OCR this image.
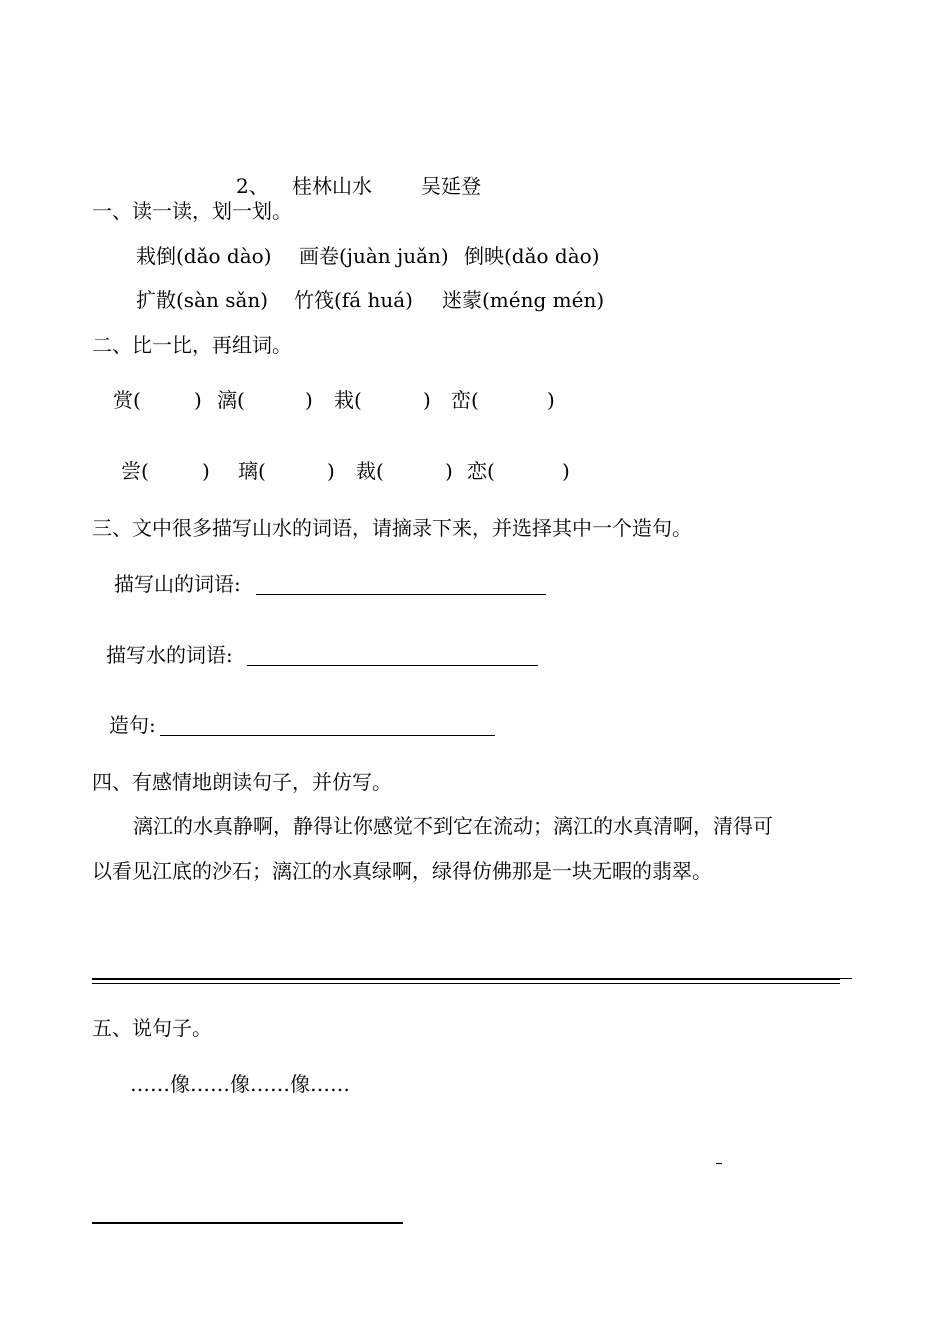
2、 桂林山水 吴延登
一、读一读，划一划。
栽倒(dǎo dào) 画卷(juàn juǎn) 倒映(dǎo dào)
扩散(sàn sǎn) 竹筏(fá huá) 迷蒙(méng mén)
二、比一比，再组词。
赏(	) 漓(	) 栽(	) 峦(	)
尝(	) 璃(	) 裁(	) 恋(	)
三、文中很多描写山水的词语，请摘录下来，并选择其中一个造句。
描写山的词语:
描写水的词语:
造句:
四、有感情地朗读句子，并仿写。
漓江的水真静啊，静得让你感觉不到它在流动；漓江的水真清啊，清得可
以看见江底的沙石；漓江的水真绿啊，绿得仿佛那是一块无暇的翡翠。
五、说句子。
……像……像……像……
